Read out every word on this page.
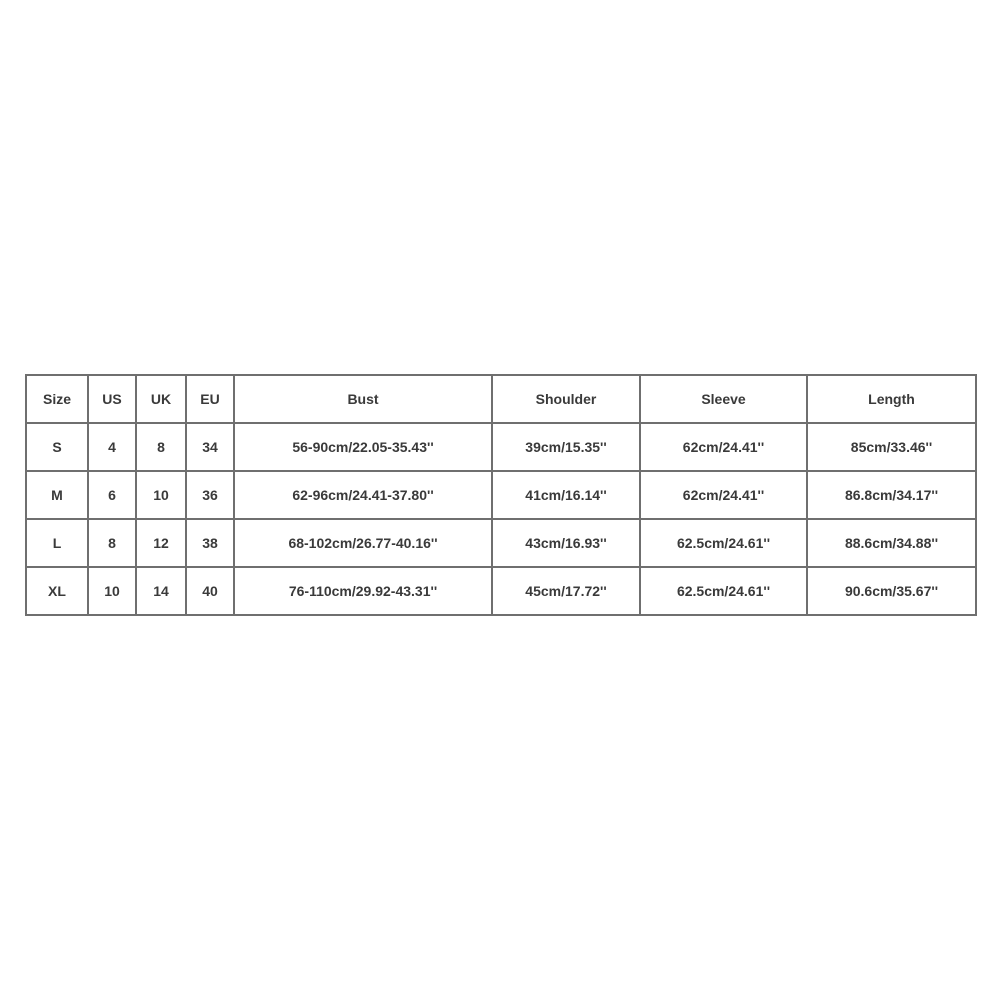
Size	US	UK	EU	Bust	Shoulder	Sleeve	Length
S	4	8	34	56-90cm/22.05-35.43''	39cm/15.35''	62cm/24.41''	85cm/33.46''
M	6	10	36	62-96cm/24.41-37.80''	41cm/16.14''	62cm/24.41''	86.8cm/34.17''
L	8	12	38	68-102cm/26.77-40.16''	43cm/16.93''	62.5cm/24.61''	88.6cm/34.88''
XL	10	14	40	76-110cm/29.92-43.31''	45cm/17.72''	62.5cm/24.61''	90.6cm/35.67''
